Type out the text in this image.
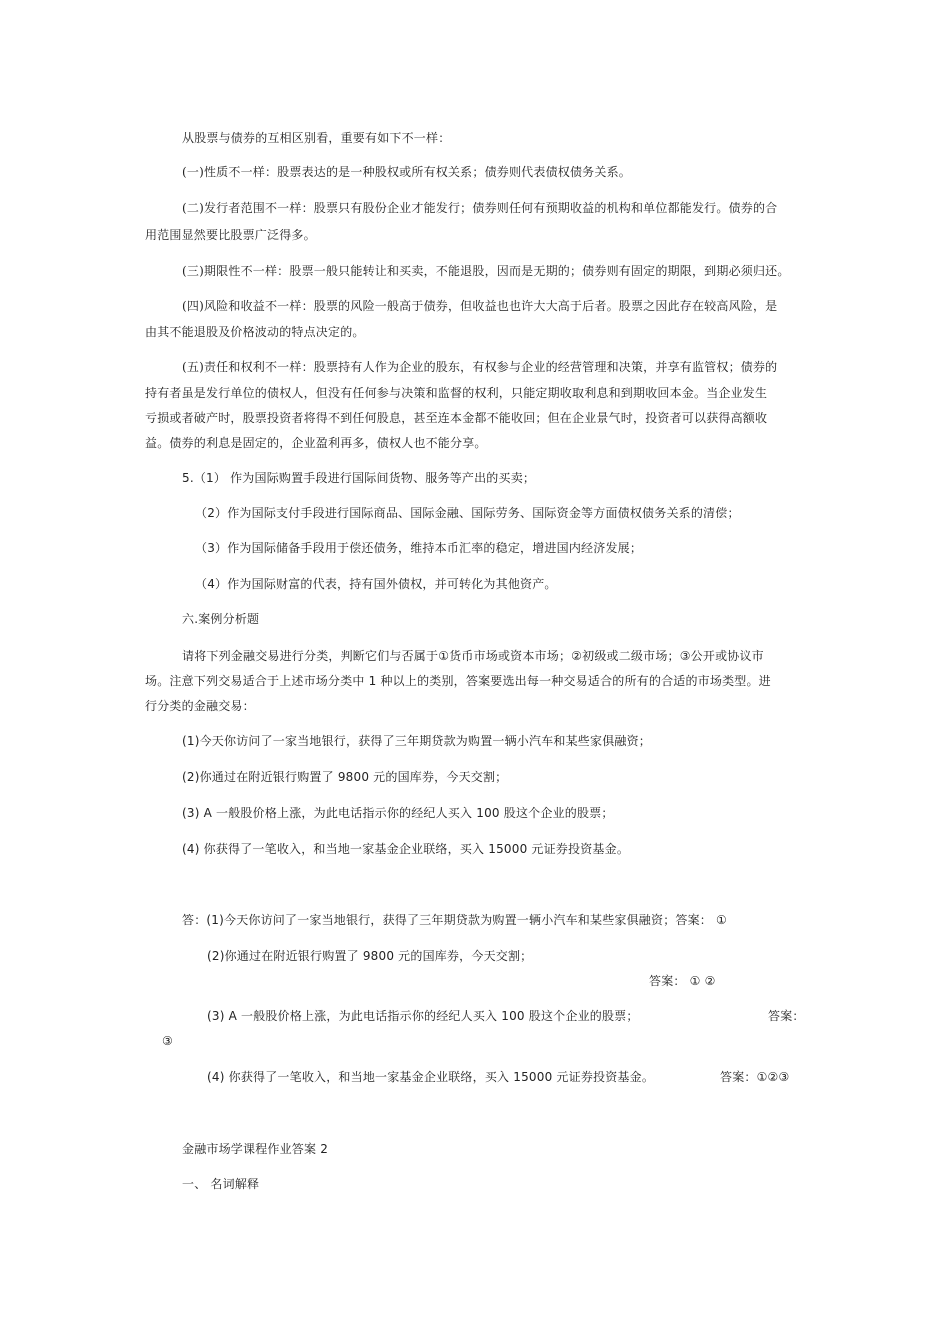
从股票与债券的互相区别看，重要有如下不一样：
(一)性质不一样：股票表达的是一种股权或所有权关系；债券则代表债权债务关系。
(二)发行者范围不一样：股票只有股份企业才能发行；债券则任何有预期收益的机构和单位都能发行。债券的合
用范围显然要比股票广泛得多。
(三)期限性不一样：股票一般只能转让和买卖，不能退股，因而是无期的；债券则有固定的期限，到期必须归还。
(四)风险和收益不一样：股票的风险一般高于债券，但收益也也许大大高于后者。股票之因此存在较高风险，是
由其不能退股及价格波动的特点决定的。
(五)责任和权利不一样：股票持有人作为企业的股东，有权参与企业的经营管理和决策，并享有监管权；债券的
持有者虽是发行单位的债权人，但没有任何参与决策和监督的权利，只能定期收取利息和到期收回本金。当企业发生
亏损或者破产时，股票投资者将得不到任何股息，甚至连本金都不能收回；但在企业景气时，投资者可以获得高额收
益。债券的利息是固定的，企业盈利再多，债权人也不能分享。
5.（1） 作为国际购置手段进行国际间货物、服务等产出的买卖；
（2）作为国际支付手段进行国际商品、国际金融、国际劳务、国际资金等方面债权债务关系的清偿；
（3）作为国际储备手段用于偿还债务，维持本币汇率的稳定，增进国内经济发展；
（4）作为国际财富的代表，持有国外债权，并可转化为其他资产。
六.案例分析题
请将下列金融交易进行分类，判断它们与否属于①货币市场或资本市场；②初级或二级市场；③公开或协议市
场。注意下列交易适合于上述市场分类中 1 种以上的类别，答案要选出每一种交易适合的所有的合适的市场类型。进
行分类的金融交易：
(1)今天你访问了一家当地银行，获得了三年期贷款为购置一辆小汽车和某些家俱融资；
(2)你通过在附近银行购置了 9800 元的国库券，今天交割；
(3) A 一般股价格上涨，为此电话指示你的经纪人买入 100 股这个企业的股票；
(4) 你获得了一笔收入，和当地一家基金企业联络，买入 15000 元证券投资基金。
答：(1)今天你访问了一家当地银行，获得了三年期贷款为购置一辆小汽车和某些家俱融资；答案： ①
(2)你通过在附近银行购置了 9800 元的国库券，今天交割；
答案： ① ②
(3) A 一般股价格上涨，为此电话指示你的经纪人买入 100 股这个企业的股票；	答案：
③
(4) 你获得了一笔收入，和当地一家基金企业联络，买入 15000 元证券投资基金。	答案：①②③
金融市场学课程作业答案 2
一、 名词解释
